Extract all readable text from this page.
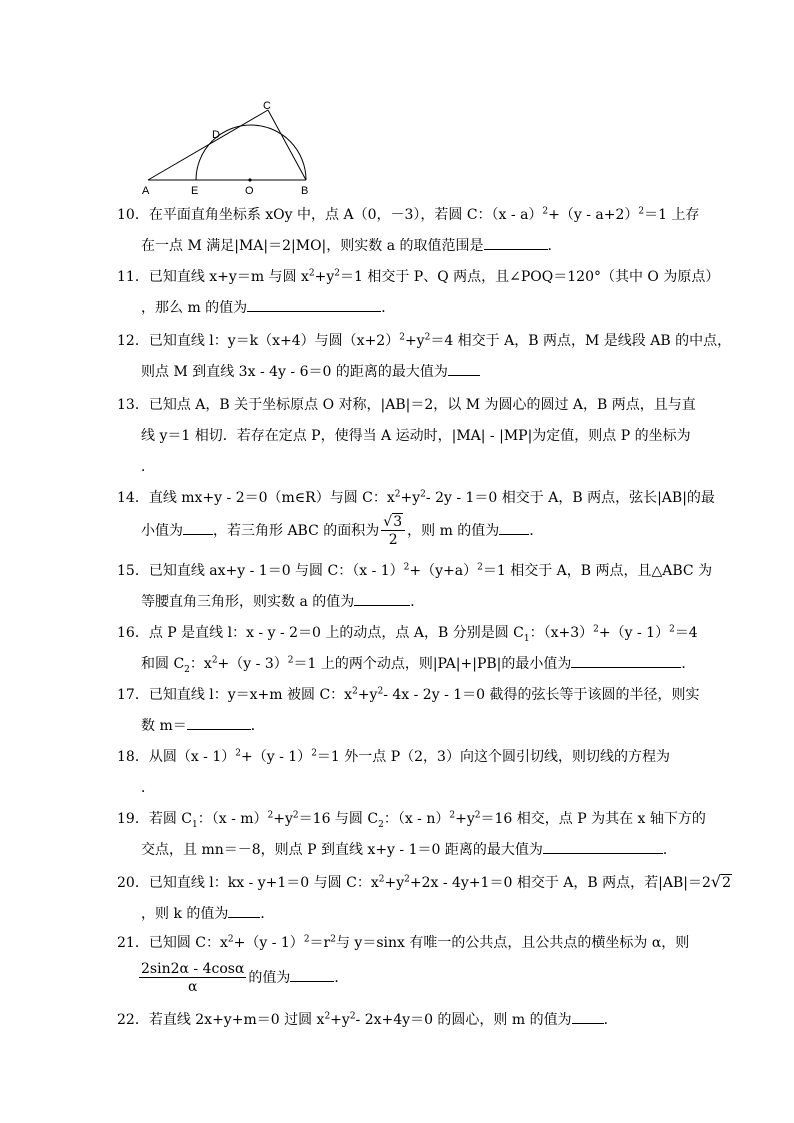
A	E	O	B
C
D
10．在平面直角坐标系 xOy 中，点 A（0，－3），若圆 C：$(x - a)^2+(y - a+2)^2=1$ 上存
在一点 M 满足|MA|＝2|MO|，则实数 a 的取值范围是	．
11．已知直线 x+y＝m 与圆 $x^2+y^2=1$ 相交于 P、Q 两点，且∠POQ＝120°（其中 O 为原点）
，那么 m 的值为	．
12．已知直线 l：y＝k（x+4）与圆$(x+2)^2+y^2=4$ 相交于 A，B 两点，M 是线段 AB 的中点，
则点 M 到直线 3x - 4y - 6＝0 的距离的最大值为
13．已知点 A，B 关于坐标原点 O 对称，|AB|＝2，以 M 为圆心的圆过 A，B 两点，且与直
线 y＝1 相切．若存在定点 P，使得当 A 运动时，|MA| - |MP|为定值，则点 P 的坐标为
．
14．直线 mx+y - 2＝0（m∈R）与圆 C：$x^2+y^2-$ 2y - 1＝0 相交于 A，B 两点，弦长|AB|的最
小值为 ，若三角形 ABC 的面积为 $\frac{√3}{2}$ ，则 m 的值为 ．
15．已知直线 ax+y - 1＝0 与圆 C：$(x - 1)^2+(y+a)^2=1$ 相交于 A，B 两点，且△ABC 为
等腰直角三角形，则实数 a 的值为	．
16．点 P 是直线 l：x - y - 2＝0 上的动点，点 A，B 分别是圆 $C_1$：$(x+3)^2+(y - 1)^2=4$
和圆 $C_2$：$x^2+(y - 3)^2=1$ 上的两个动点，则|PA|+|PB|的最小值为	．
17．已知直线 l：y＝x+m 被圆 C：$x^2+y^2-$ 4x - 2y - 1＝0 截得的弦长等于该圆的半径，则实
数 m＝	．
18．从圆（x - 1）$^2$+（y - 1）$^2$＝1 外一点 P（2，3）向这个圆引切线，则切线的方程为
．
19．若圆 $C_1$：$(x - m)^2+y^2=16$ 与圆 $C_2$：$(x - n)^2+y^2=16$ 相交，点 P 为其在 x 轴下方的
交点，且 mn＝－8，则点 P 到直线 x+y - 1＝0 距离的最大值为	．
20．已知直线 l：kx - y+1＝0 与圆 C：$x^2+y^2+2x - 4y+1=0$ 相交于 A，B 两点，若|AB|＝2√2
，则 k 的值为 ．
21．已知圆 C：$x^2+(y - 1)^2=r^2$与 y＝sinx 有唯一的公共点，且公共点的横坐标为 α，则
$\frac{2\sin 2\alpha - 4\cos\alpha}{\alpha}$ 的值为	．
22．若直线 2x+y+m＝0 过圆 $x^2+y^2-$ 2x+4y＝0 的圆心，则 m 的值为 ．
